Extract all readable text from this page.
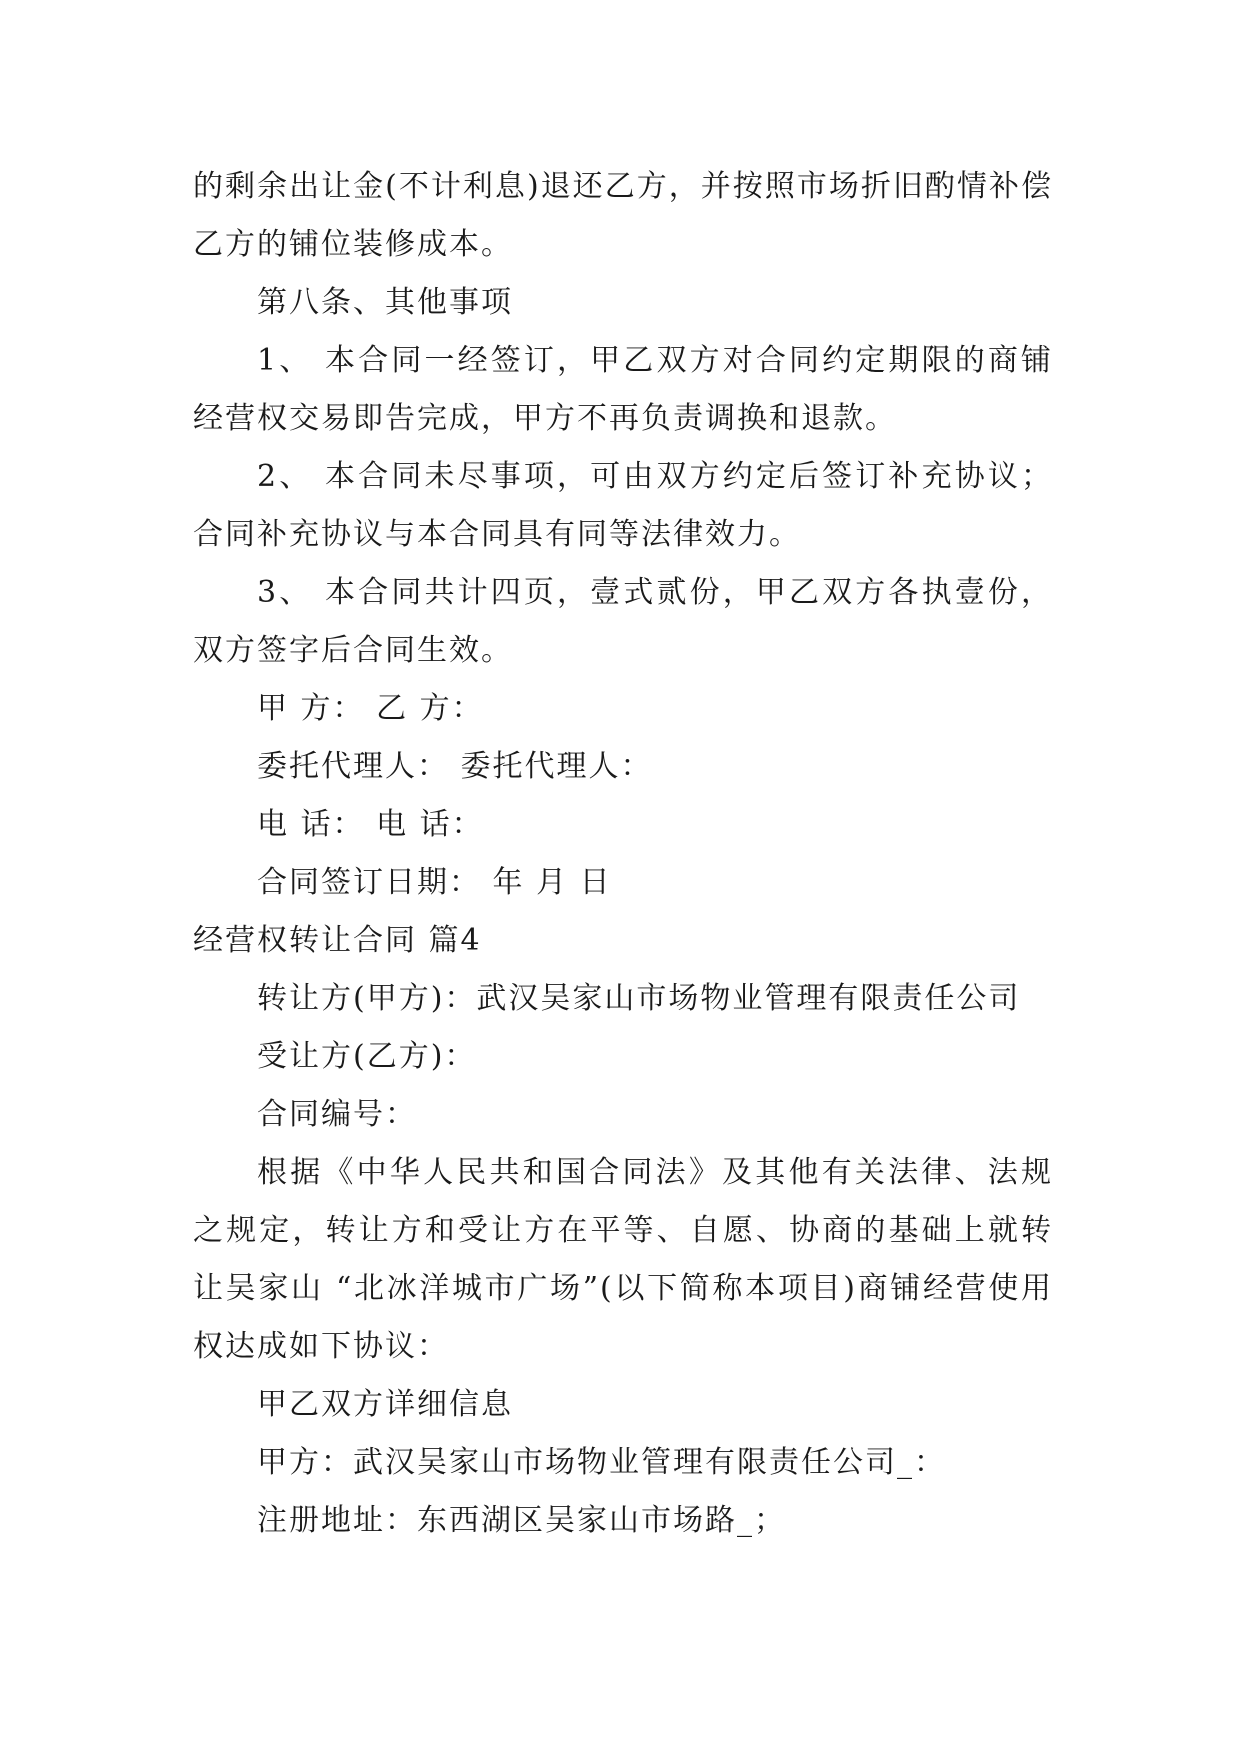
的剩余出让金(不计利息)退还乙方，并按照市场折旧酌情补偿乙方的铺位装修成本。

第八条、其他事项

1、 本合同一经签订，甲乙双方对合同约定期限的商铺经营权交易即告完成，甲方不再负责调换和退款。

2、 本合同未尽事项，可由双方约定后签订补充协议；合同补充协议与本合同具有同等法律效力。

3、 本合同共计四页，壹式贰份，甲乙双方各执壹份，双方签字后合同生效。

甲 方： 乙 方：

委托代理人： 委托代理人：

电 话： 电 话：

合同签订日期： 年 月 日

经营权转让合同 篇4

转让方(甲方)：武汉吴家山市场物业管理有限责任公司

受让方(乙方)：

合同编号：

根据《中华人民共和国合同法》及其他有关法律、法规之规定，转让方和受让方在平等、自愿、协商的基础上就转让吴家山 “北冰洋城市广场”(以下简称本项目)商铺经营使用权达成如下协议：

甲乙双方详细信息

甲方：武汉吴家山市场物业管理有限责任公司_：

注册地址：东西湖区吴家山市场路_；
